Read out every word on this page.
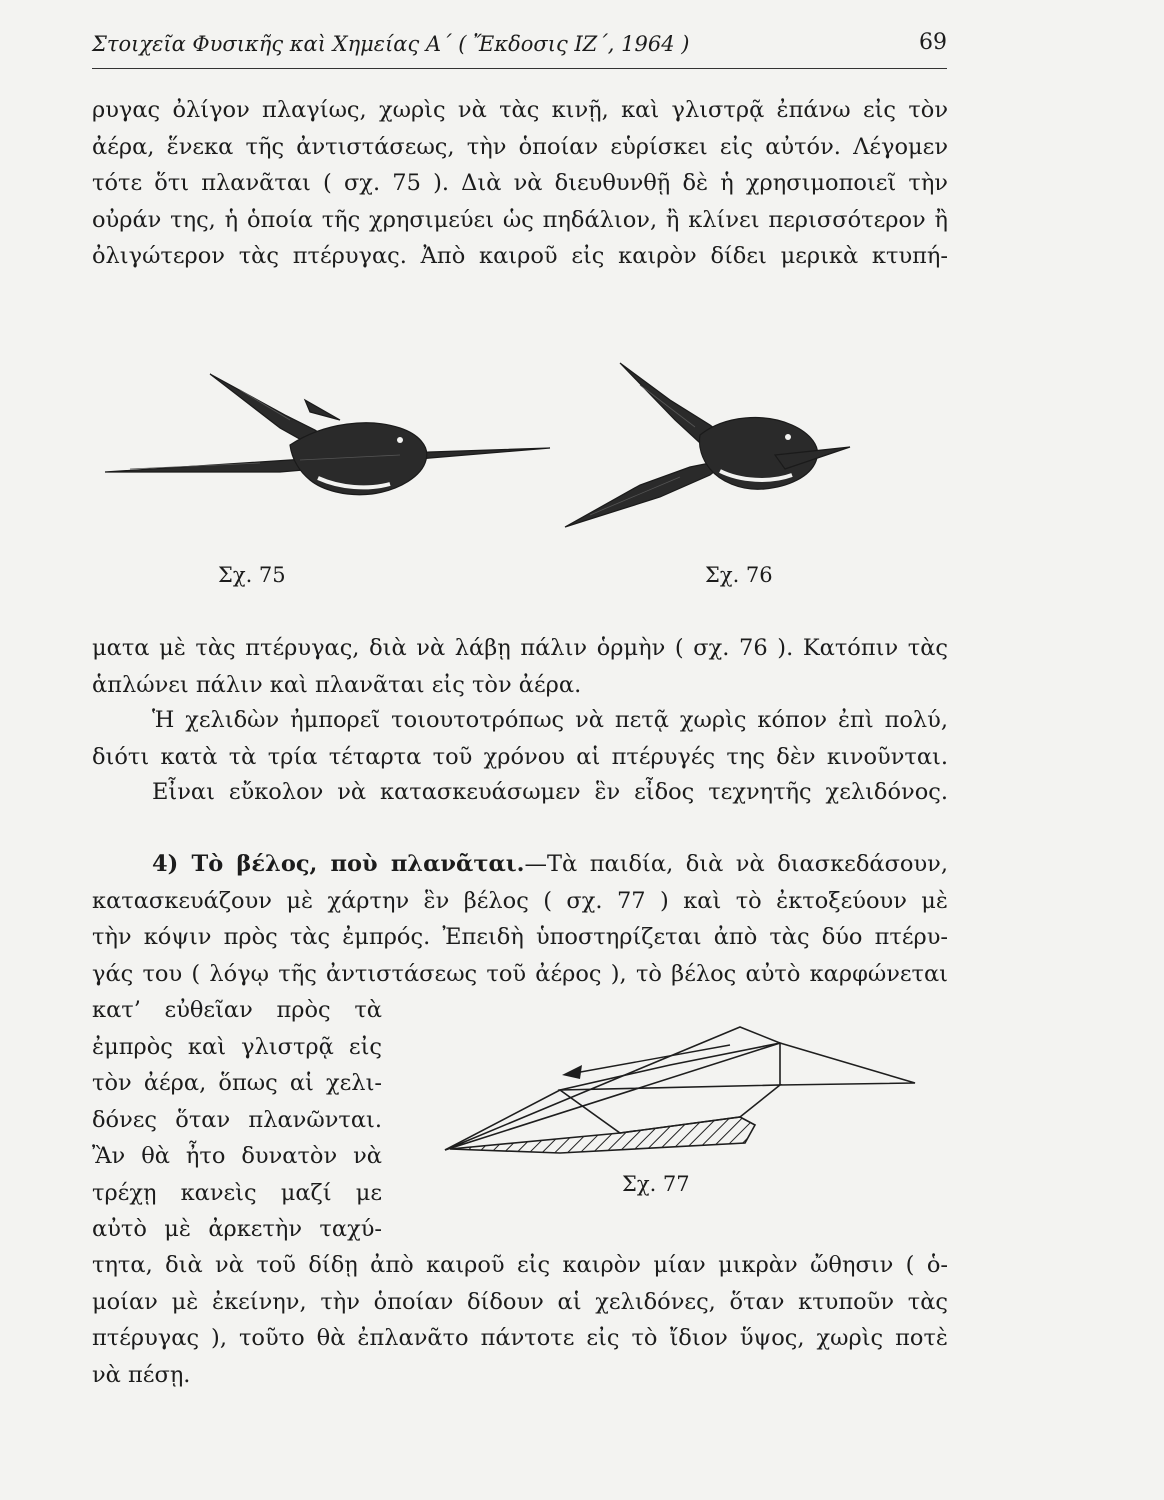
Στοιχεῖα Φυσικῆς καὶ Χημείας Α΄ ( Ἔκδοσις ΙΖ΄, 1964 )	69
ρυγας ὀλίγον πλαγίως, χωρὶς νὰ τὰς κινῇ, καὶ γλιστρᾷ ἐπάνω εἰς τὸν
ἀέρα, ἕνεκα τῆς ἀντιστάσεως, τὴν ὁποίαν εὑρίσκει εἰς αὐτόν. Λέγομεν
τότε ὅτι πλανᾶται ( σχ. 75 ). Διὰ νὰ διευθυνθῇ δὲ ἡ χρησιμοποιεῖ τὴν
οὐράν της, ἡ ὁποία τῆς χρησιμεύει ὡς πηδάλιον, ἢ κλίνει περισσότερον ἢ
ὀλιγώτερον τὰς πτέρυγας. Ἀπὸ καιροῦ εἰς καιρὸν δίδει μερικὰ κτυπή-
Σχ. 75	Σχ. 76
ματα μὲ τὰς πτέρυγας, διὰ νὰ λάβῃ πάλιν ὁρμὴν ( σχ. 76 ). Κατόπιν τὰς
ἁπλώνει πάλιν καὶ πλανᾶται εἰς τὸν ἀέρα.
Ἡ χελιδὼν ἠμπορεῖ τοιουτοτρόπως νὰ πετᾷ χωρὶς κόπον ἐπὶ πολύ,
διότι κατὰ τὰ τρία τέταρτα τοῦ χρόνου αἱ πτέρυγές της δὲν κινοῦνται.
Εἶναι εὔκολον νὰ κατασκευάσωμεν ἓν εἶδος τεχνητῆς χελιδόνος.
4) Τὸ βέλος, ποὺ πλανᾶται.—Τὰ παιδία, διὰ νὰ διασκεδάσουν,
κατασκευάζουν μὲ χάρτην ἓν βέλος ( σχ. 77 ) καὶ τὸ ἐκτοξεύουν μὲ
τὴν κόψιν πρὸς τὰς ἐμπρός. Ἐπειδὴ ὑποστηρίζεται ἀπὸ τὰς δύο πτέρυ-
γάς του ( λόγῳ τῆς ἀντιστάσεως τοῦ ἀέρος ), τὸ βέλος αὐτὸ καρφώνεται
κατ’ εὐθεῖαν πρὸς τὰ
ἐμπρὸς καὶ γλιστρᾷ εἰς
τὸν ἀέρα, ὅπως αἱ χελι-
δόνες ὅταν πλανῶνται.
Ἂν θὰ ἦτο δυνατὸν νὰ
τρέχῃ κανεὶς μαζί με
αὐτὸ μὲ ἀρκετὴν ταχύ-
Σχ. 77
τητα, διὰ νὰ τοῦ δίδῃ ἀπὸ καιροῦ εἰς καιρὸν μίαν μικρὰν ὤθησιν ( ὁ-
μοίαν μὲ ἐκείνην, τὴν ὁποίαν δίδουν αἱ χελιδόνες, ὅταν κτυποῦν τὰς
πτέρυγας ), τοῦτο θὰ ἐπλανᾶτο πάντοτε εἰς τὸ ἴδιον ὕψος, χωρὶς ποτὲ
νὰ πέσῃ.
